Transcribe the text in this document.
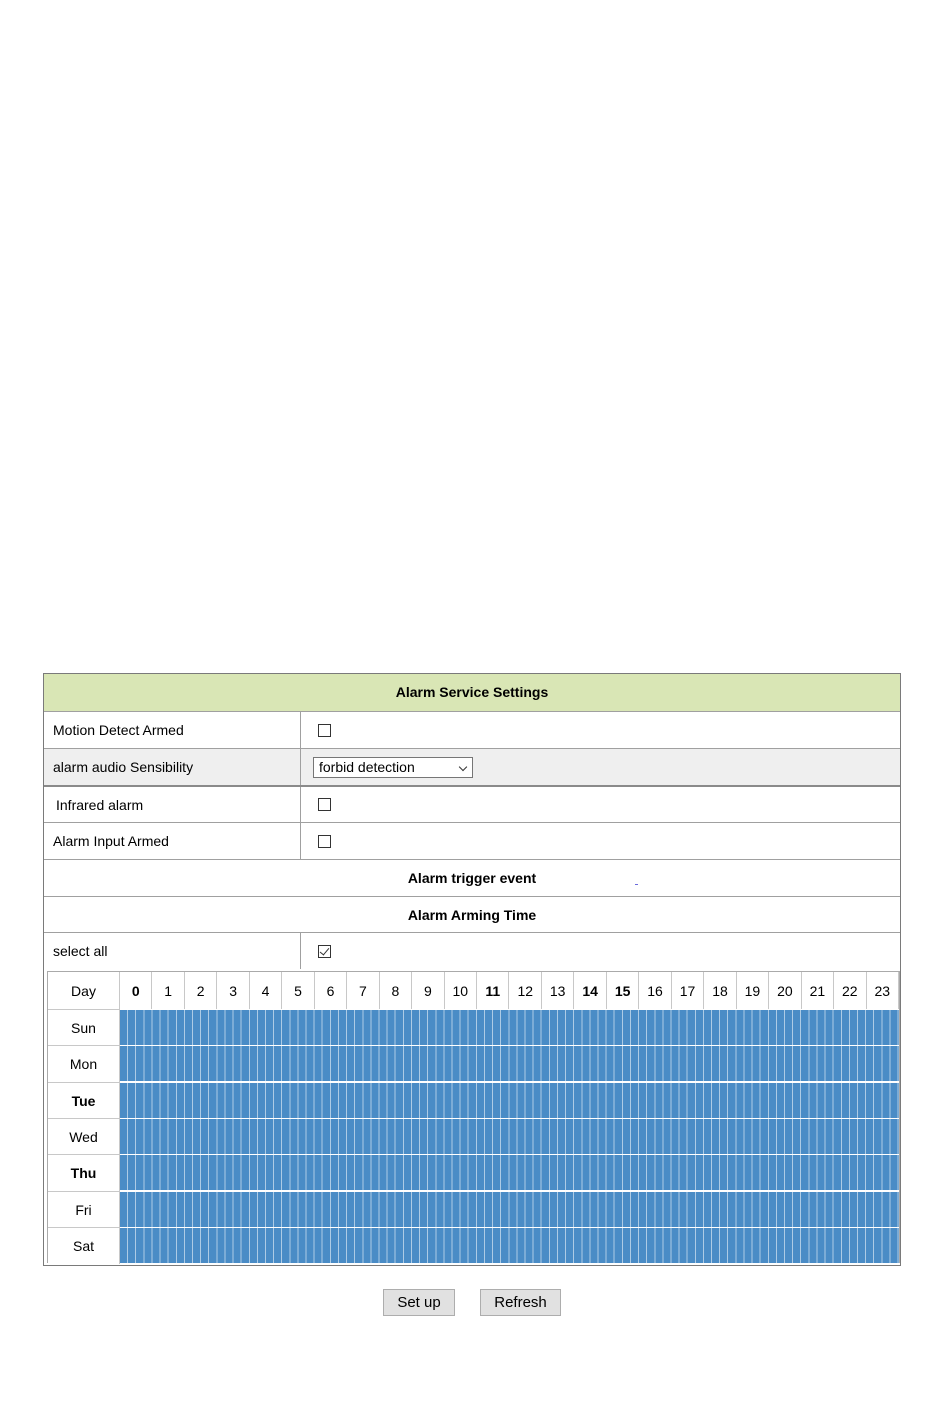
Alarm Service Settings
Motion Detect Armed
alarm audio Sensibility	forbid detection
Infrared alarm
Alarm Input Armed
Alarm trigger event
Alarm Arming Time
select all
Day	0	1	2	3	4	5	6	7	8	9	10	11	12	13	14	15	16	17	18	19	20	21	22	23
Sun
Mon
Tue
Wed
Thu
Fri
Sat
Set up	Refresh
